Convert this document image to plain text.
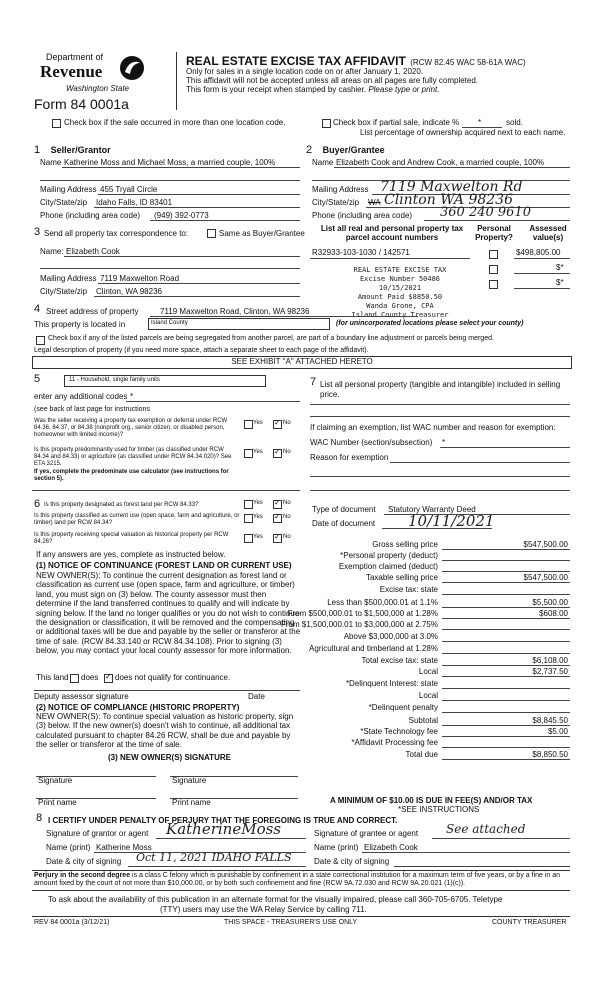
Department of
Revenue
Washington State
Form 84 0001a
REAL ESTATE EXCISE TAX AFFIDAVIT (RCW 82.45 WAC 58-61A WAC)
Only for sales in a single location code on or after January 1, 2020.
This affidavit will not be accepted unless all areas on all pages are fully completed.
This form is your receipt when stamped by cashier. Please type or print.
Check box if the sale occurred in more than one location code.	Check box if partial sale, indicate % *	sold.
List percentage of ownership acquired next to each name.
1 Seller/Grantor
Name Katherine Moss and Michael Moss, a married couple, 100%
Mailing Address 455 Tryall Circle
City/State/zip Idaho Falls, ID 83401
Phone (including area code) (949) 392-0773
2 Buyer/Grantee
Name Elizabeth Cook and Andrew Cook, a married couple, 100%
Mailing Address 7119 Maxwelton Rd
City/State/zip WA Clinton WA 98236
Phone (including area code) 360 240 9610
3 Send all property tax correspondence to:	Same as Buyer/Grantee
Name: Elizabeth Cook
Mailing Address 7119 Maxwelton Road
City/State/zip Clinton, WA 98236
List all real and personal property tax parcel account numbers
Personal Property?
Assessed value(s)
R32933-103-1030 / 142571	$498,805.00
$*
$*
REAL ESTATE EXCISE TAX
Excise Number 50486
10/15/2021
Amount Paid $8850.50
Wanda Grone, CPA
Island County Treasurer
4 Street address of property	7119 Maxwelton Road, Clinton, WA 98236
This property is located in	Island County	(for unincorporated locations please select your county)
Check box if any of the listed parcels are being segregated from another parcel, are part of a boundary line adjustment or parcels being merged.
Legal description of property (if you need more space, attach a separate sheet to each page of the affidavit).
SEE EXHIBIT "A" ATTACHED HERETO
5	11 - Household, single family units
enter any additional codes *
(see back of last page for instructions
Was the seller receiving a property tax exemption or deferral under RCW 84.36, 84.37, or 84.38 (nonprofit org., senior citizen, or disabled person, homeowner with limited income)?
Yes ✓	No
Is this property predominantly used for timber (as classified under RCW 84.34 and 84.33) or agriculture (as classified under RCW 84.34.020)? See ETA 3215.
Yes ✓	No
If yes, complete the predominate use calculator (see instructions for section 5).
7 List all personal property (tangible and intangible) included in selling price.
If claiming an exemption, list WAC number and reason for exemption:
WAC Number (section/subsection) *
Reason for exemption
6 Is this property designated as forest land per RCW 84.33?	Yes ✓	No
Is this property classified as current use (open space, farm and agriculture, or timber) land per RCW 84.34?
Yes ✓	No
Is this property receiving special valuation as historical property per RCW 84.26?
Yes ✓	No
If any answers are yes, complete as instructed below.
(1) NOTICE OF CONTINUANCE (FOREST LAND OR CURRENT USE)
NEW OWNER(S): To continue the current designation as forest land or classification as current use (open space, farm and agriculture, or timber) land, you must sign on (3) below. The county assessor must then determine if the land transferred continues to qualify and will indicate by signing below. If the land no longer qualifies or you do not wish to continue the designation or classification, it will be removed and the compensating or additional taxes will be due and payable by the seller or transferor at the time of sale. (RCW 84.33.140 or RCW 84.34.108). Prior to signing (3) below, you may contact your local county assessor for more information.
This land does ✓ does not qualify for continuance.
Deputy assessor signature	Date
(2) NOTICE OF COMPLIANCE (HISTORIC PROPERTY)
NEW OWNER(S): To continue special valuation as historic property, sign (3) below. If the new owner(s) doesn't wish to continue, all additional tax calculated pursuant to chapter 84.26 RCW, shall be due and payable by the seller or transferor at the time of sale.
(3) NEW OWNER(S) SIGNATURE
Signature	Signature
Print name	Print name
Type of document Statutory Warranty Deed
Date of document 10/11/2021
Gross selling price	$547,500.00
*Personal property (deduct)
Exemption claimed (deduct)
Taxable selling price	$547,500.00
Excise tax: state
Less than $500,000.01 at 1.1%	$5,500.00
From $500,000.01 to $1,500,000 at 1.28%	$608.00
From $1,500,000.01 to $3,000,000 at 2.75%
Above $3,000,000 at 3.0%
Agricultural and timberland at 1.28%
Total excise tax: state	$6,108.00
Local	$2,737.50
*Delinquent Interest: state
Local
*Delinquent penalty
Subtotal	$8,845.50
*State Technology fee	$5.00
*Affidavit Processing fee
Total due	$8,850.50
A MINIMUM OF $10.00 IS DUE IN FEE(S) AND/OR TAX
*SEE INSTRUCTIONS
8 I CERTIFY UNDER PENALTY OF PERJURY THAT THE FOREGOING IS TRUE AND CORRECT.
Signature of grantor or agent KatherineMoss	Signature of grantee or agent See attached
Name (print) Katherine Moss	Name (print) Elizabeth Cook
Date & city of signing Oct 11, 2021 IDAHO FALLS	Date & city of signing
Perjury in the second degree is a class C felony which is punishable by confinement in a state correctional institution for a maximum term of five years, or by a fine in an amount fixed by the court of not more than $10,000.00, or by both such confinement and fine (RCW 9A.72.030 and RCW 9A.20.021 (1)(c)).
To ask about the availability of this publication in an alternate format for the visually impaired, please call 360-705-6705. Teletype
(TTY) users may use the WA Relay Service by calling 711.
REV 84 0001a (3/12/21)	THIS SPACE - TREASURER'S USE ONLY	COUNTY TREASURER
